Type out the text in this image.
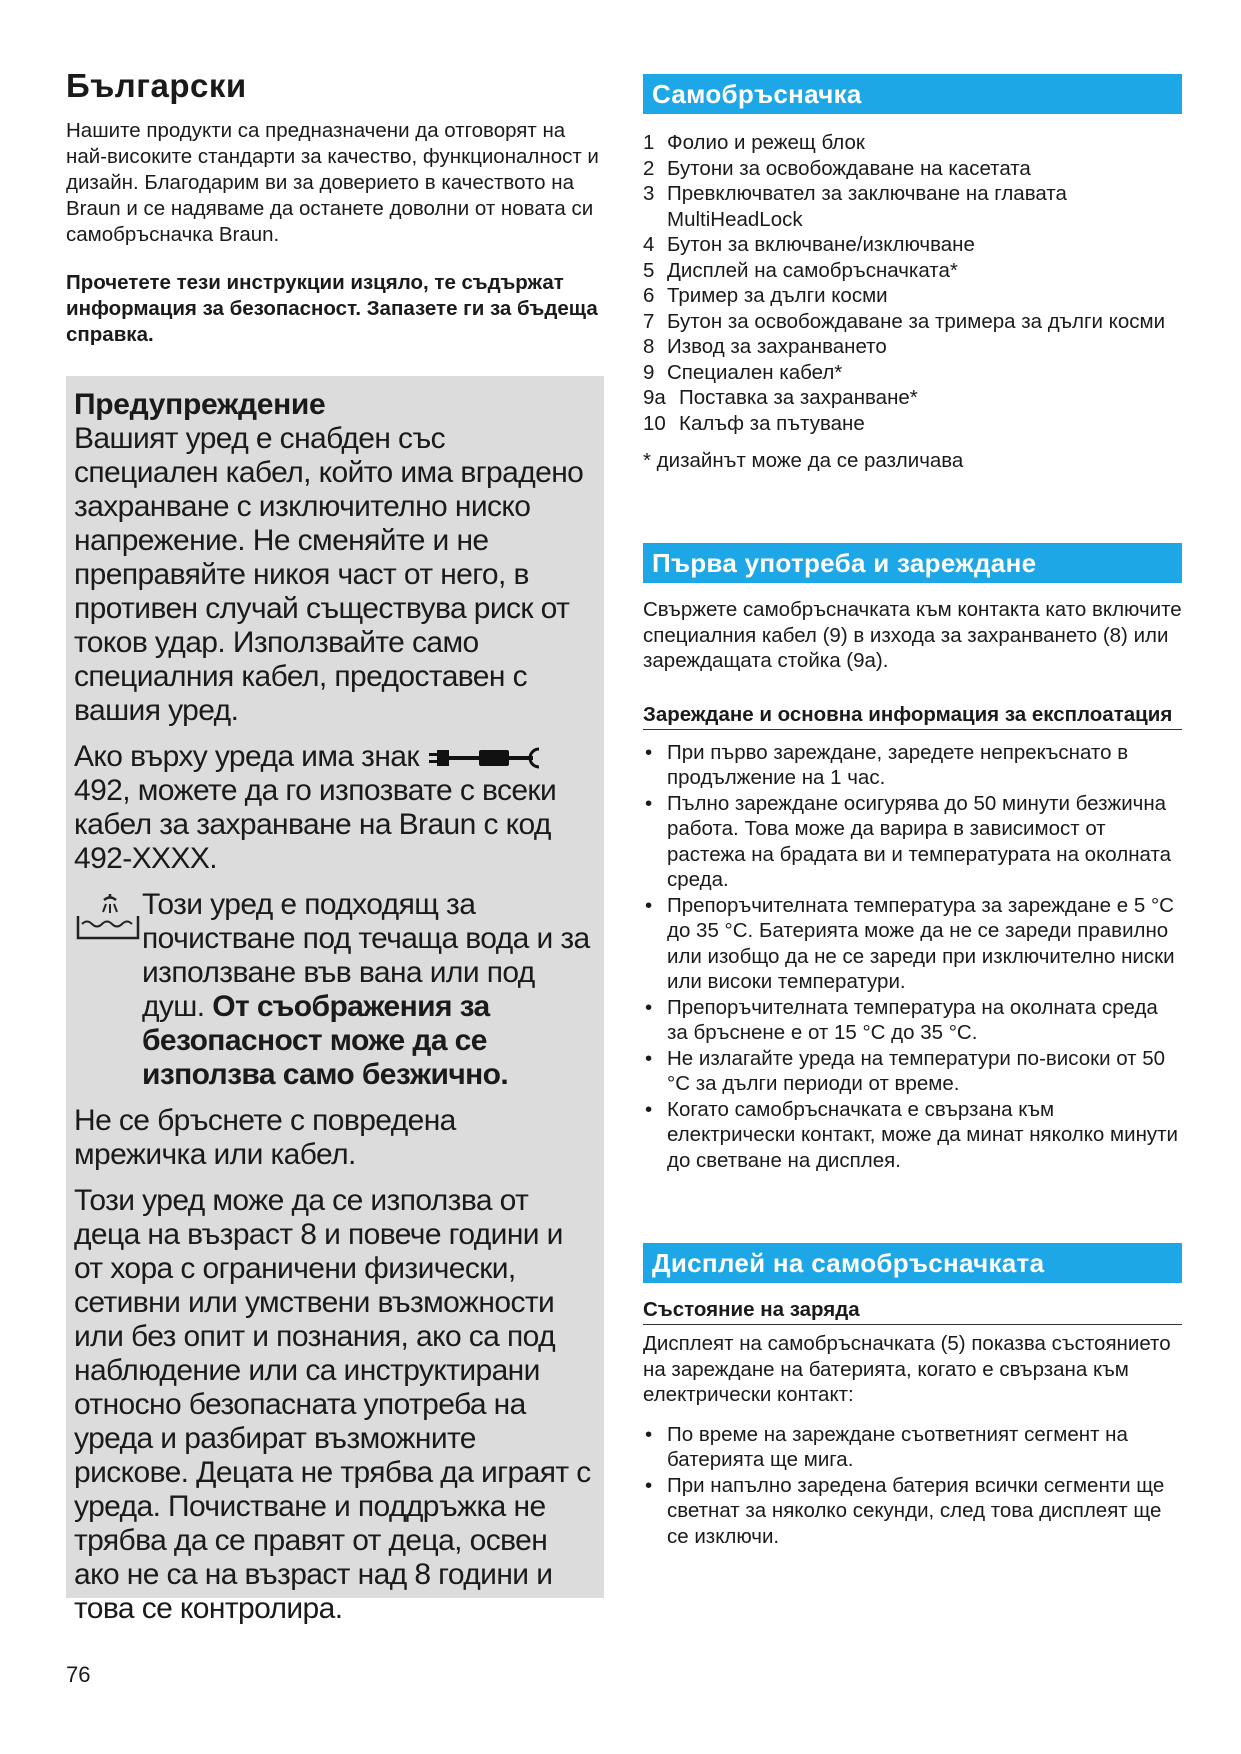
Български

Нашите продукти са предназначени да отговорят на най-високите стандарти за качество, функционалност и дизайн. Благодарим ви за доверието в качеството на Braun и се надяваме да останете доволни от новата си самобръсначка Braun.

Прочетете тези инструкции изцяло, те съдържат информация за безопасност. Запазете ги за бъдеща справка.

Предупреждение

Вашият уред е снабден със специален кабел, който има вградено захранване с изключително ниско напрежение. Не сменяйте и не преправяйте никоя част от него, в противен случай съществува риск от токов удар. Използвайте само специалния кабел, предоставен с вашия уред.

Ако върху уреда има знак  492, можете да го изпозвате с всеки кабел за захранване на Braun с код 492-XXXX.

Този уред е подходящ за почистване под течаща вода и за използване във вана или под душ. От съображения за безопасност може да се използва само безжично.

Не се бръснете с повредена мрежичка или кабел.

Този уред може да се използва от деца на възраст 8 и повече години и от хора с ограничени физически, сетивни или умствени възможности или без опит и познания, ако са под наблюдение или са инструктирани относно безопасната употреба на уреда и разбират възможните рискове. Децата не трябва да играят с уреда. Почистване и поддръжка не трябва да се правят от деца, освен ако не са на възраст над 8 години и това се контролира.

Самобръсначка
1 Фолио и режещ блок
2 Бутони за освобождаване на касетата
3 Превключвател за заключване на главата MultiHeadLock
4 Бутон за включване/изключване
5 Дисплей на самобръсначката*
6 Тример за дълги косми
7 Бутон за освобождаване за тримера за дълги косми
8 Извод за захранването
9 Специален кабел*
9a Поставка за захранване*
10 Калъф за пътуване

* дизайнът може да се различава

Първа употреба и зареждане

Свържете самобръсначката към контакта като включите специалния кабел (9) в изхода за захранването (8) или зареждащата стойка (9a).

Зареждане и основна информация за експлоатация

• При първо зареждане, заредете непрекъснато в продължение на 1 час.
• Пълно зареждане осигурява до 50 минути безжична работа. Това може да варира в зависимост от растежа на брадата ви и температурата на околната среда.
• Препоръчителната температура за зареждане е 5 °C до 35 °C. Батерията може да не се зареди правилно или изобщо да не се зареди при изключително ниски или високи температури.
• Препоръчителната температура на околната среда за бръснене е от 15 °C до 35 °C.
• Не излагайте уреда на температури по-високи от 50 °C за дълги периоди от време.
• Когато самобръсначката е свързана към електрически контакт, може да минат няколко минути до светване на дисплея.
Дисплей на самобръсначката

Състояние на заряда

Дисплеят на самобръсначката (5) показва състоянието на зареждане на батерията, когато е свързана към електрически контакт:

• По време на зареждане съответният сегмент на батерията ще мига.
• При напълно заредена батерия всички сегменти ще светнат за няколко секунди, след това дисплеят ще се изключи.
76
